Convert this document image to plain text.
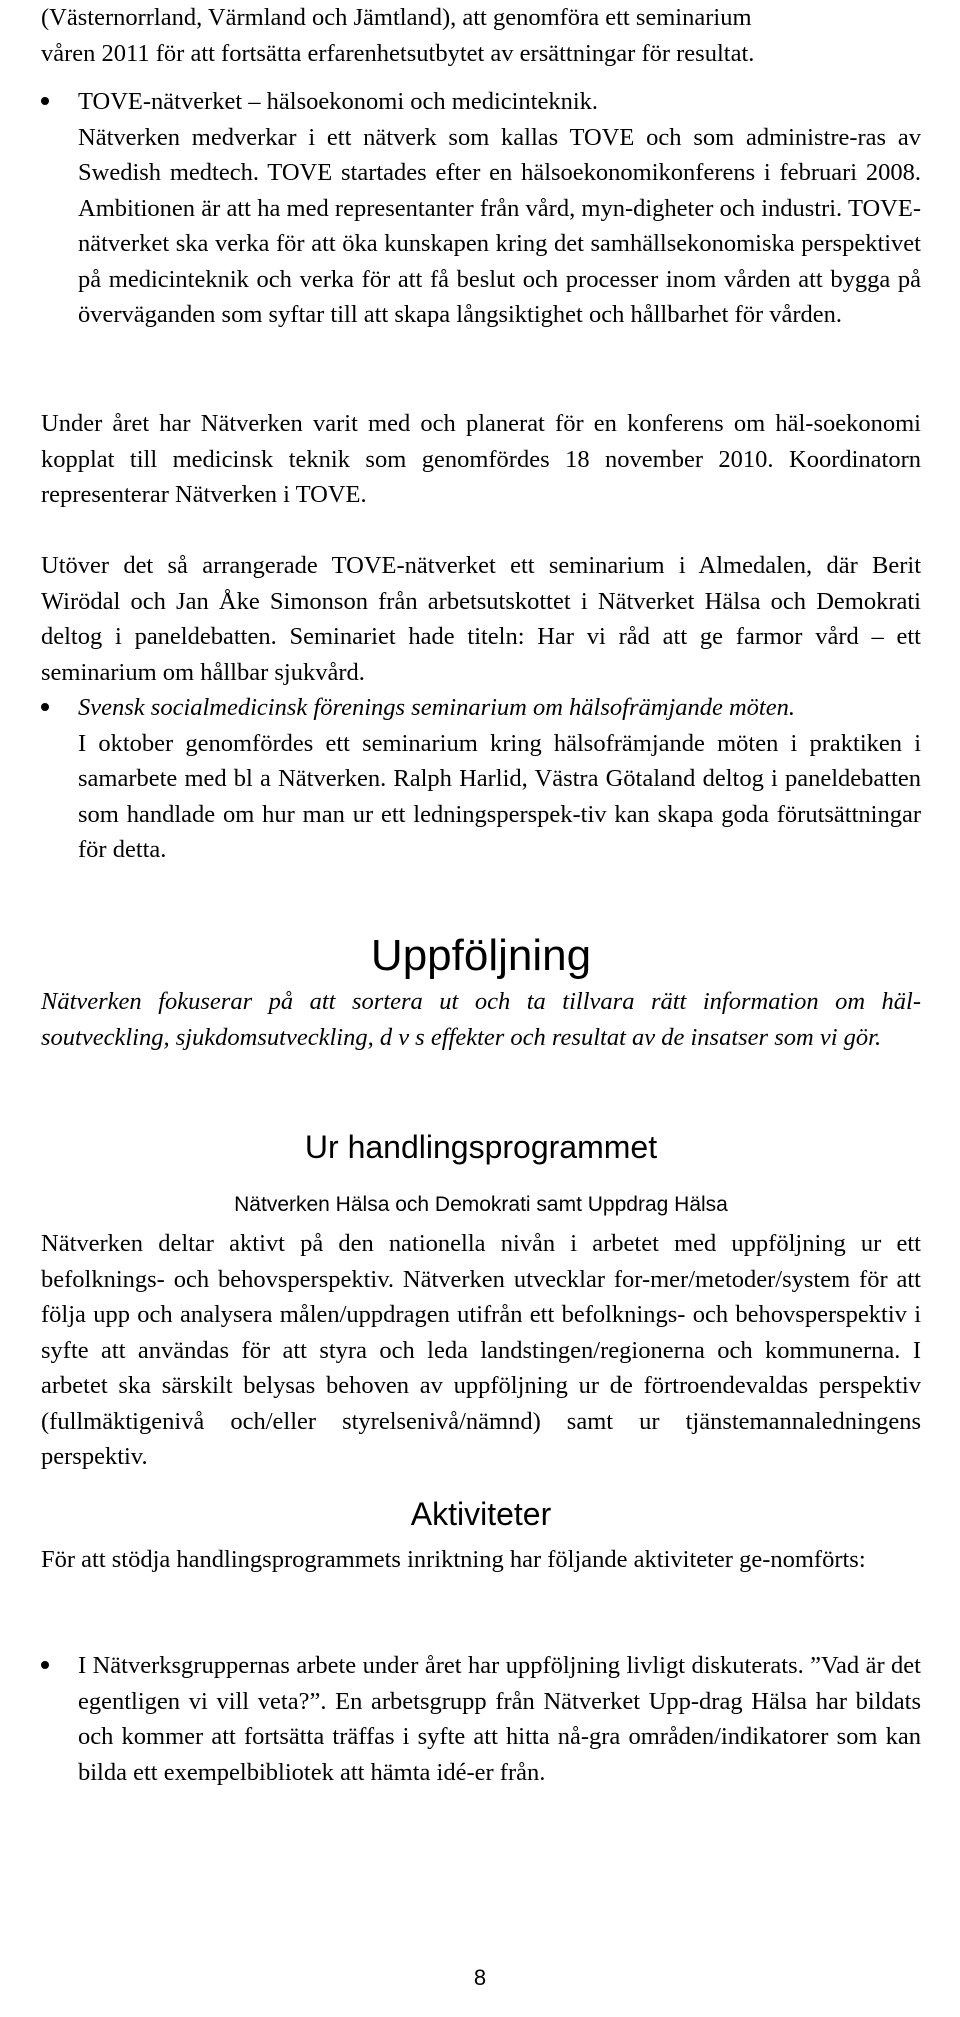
(Västernorrland, Värmland och Jämtland), att genomföra ett seminarium

våren 2011 för att fortsätta erfarenhetsutbytet av ersättningar för resultat.

TOVE-nätverket – hälsoekonomi och medicinteknik.

Nätverken medverkar i ett nätverk som kallas TOVE och som administre-ras av Swedish medtech. TOVE startades efter en hälsoekonomikonferens i februari 2008. Ambitionen är att ha med representanter från vård, myn-digheter och industri. TOVE-nätverket ska verka för att öka kunskapen kring det samhällsekonomiska perspektivet på medicinteknik och verka för att få beslut och processer inom vården att bygga på överväganden som syftar till att skapa långsiktighet och hållbarhet för vården.

Under året har Nätverken varit med och planerat för en konferens om häl-soekonomi kopplat till medicinsk teknik som genomfördes 18 november 2010. Koordinatorn representerar Nätverken i TOVE.

Utöver det så arrangerade TOVE-nätverket ett seminarium i Almedalen, där Berit Wirödal och Jan Åke Simonson från arbetsutskottet i Nätverket Hälsa och Demokrati deltog i paneldebatten. Seminariet hade titeln: Har vi råd att ge farmor vård – ett seminarium om hållbar sjukvård.

Svensk socialmedicinsk förenings seminarium om hälsofrämjande möten.

I oktober genomfördes ett seminarium kring hälsofrämjande möten i praktiken i samarbete med bl a Nätverken. Ralph Harlid, Västra Götaland deltog i paneldebatten som handlade om hur man ur ett ledningsperspek-tiv kan skapa goda förutsättningar för detta.

Uppföljning

Nätverken fokuserar på att sortera ut och ta tillvara rätt information om häl-soutveckling, sjukdomsutveckling, d v s effekter och resultat av de insatser som vi gör.

Ur handlingsprogrammet
Nätverken Hälsa och Demokrati samt Uppdrag Hälsa

Nätverken deltar aktivt på den nationella nivån i arbetet med uppföljning ur ett befolknings- och behovsperspektiv. Nätverken utvecklar for-mer/metoder/system för att följa upp och analysera målen/uppdragen utifrån ett befolknings- och behovsperspektiv i syfte att användas för att styra och leda landstingen/regionerna och kommunerna. I arbetet ska särskilt belysas behoven av uppföljning ur de förtroendevaldas perspektiv (fullmäktigenivå och/eller styrelsenivå/nämnd) samt ur tjänstemannaledningens perspektiv.

Aktiviteter

För att stödja handlingsprogrammets inriktning har följande aktiviteter ge-nomförts:

I Nätverksgruppernas arbete under året har uppföljning livligt diskuterats. ”Vad är det egentligen vi vill veta?”. En arbetsgrupp från Nätverket Upp-drag Hälsa har bildats och kommer att fortsätta träffas i syfte att hitta nå-gra områden/indikatorer som kan bilda ett exempelbibliotek att hämta idé-er från.

8
